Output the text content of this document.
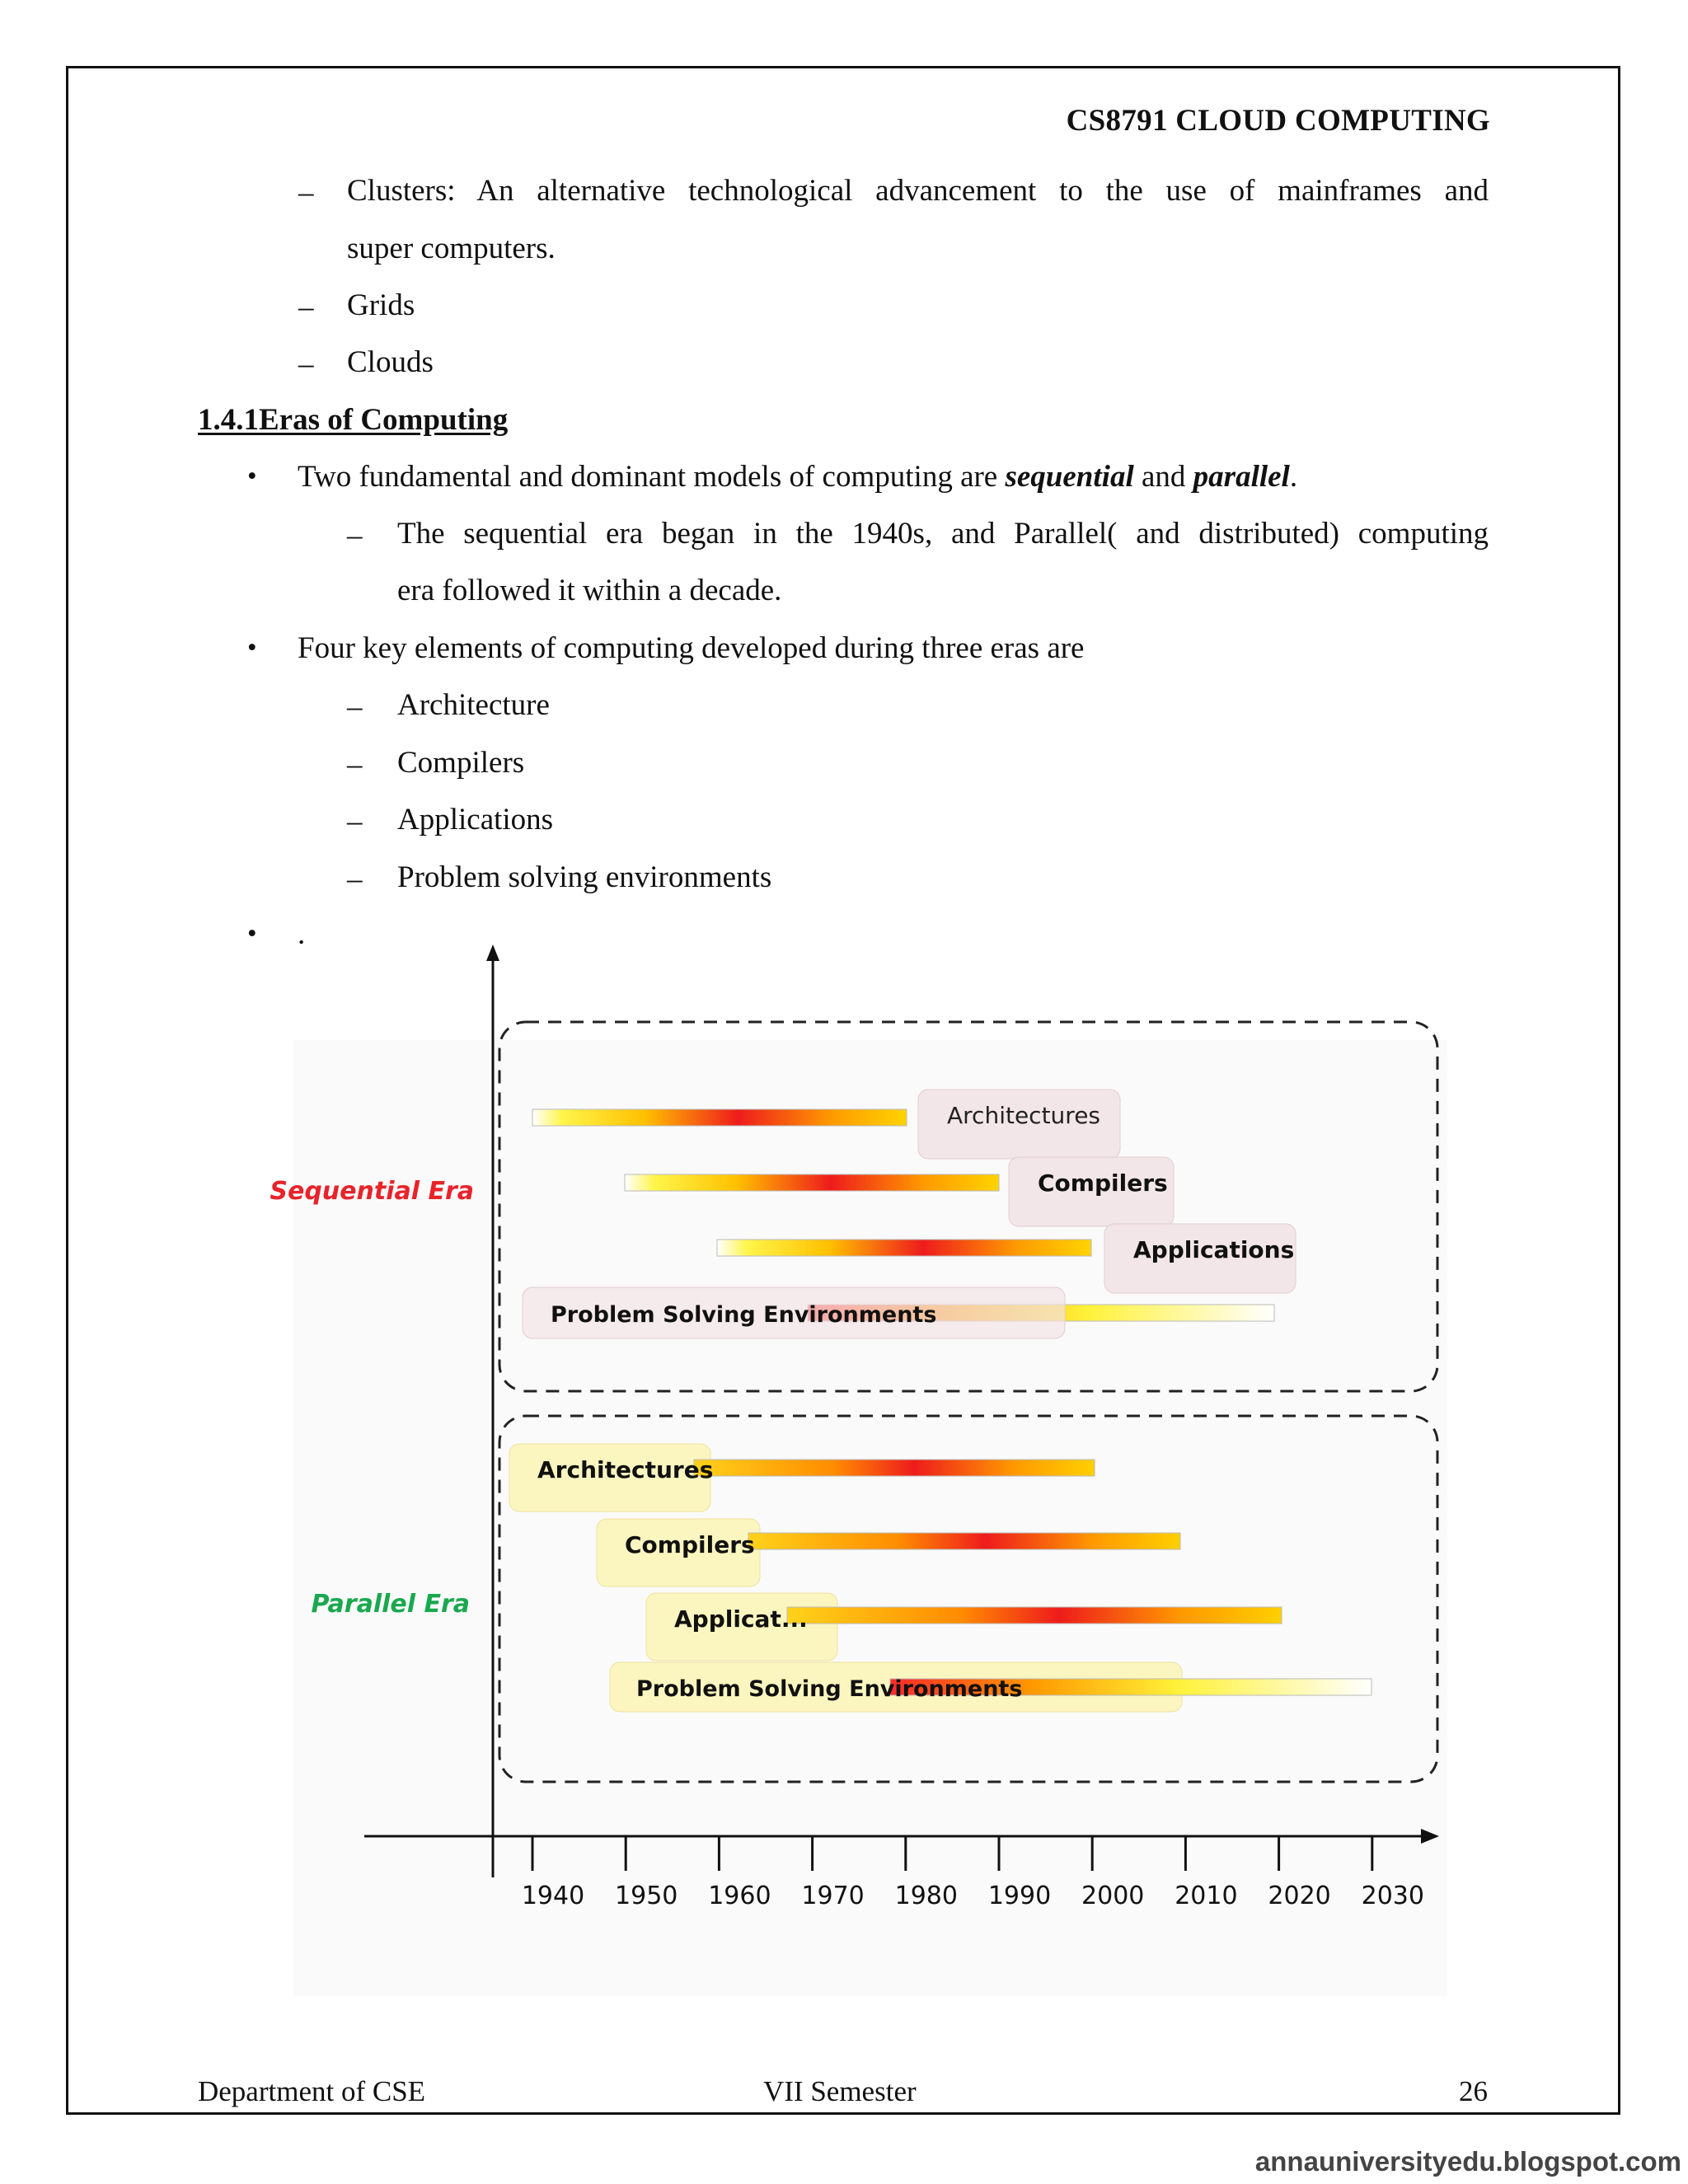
CS8791 CLOUD COMPUTING
– Clusters: An alternative technological advancement to the use of mainframes and
super computers.
– Grids
– Clouds
1.4.1Eras of Computing
• Two fundamental and dominant models of computing are sequential and parallel.
– The sequential era began in the 1940s, and Parallel( and distributed) computing
era followed it within a decade.
• Four key elements of computing developed during three eras are
– Architecture
– Compilers
– Applications
– Problem solving environments
• .
1940 1950 1960 1970 1980 1990 2000 2010 2020 2030
Sequential Era
Parallel Era
Architectures
Compilers
Applications
Problem Solving Environments
Architectures
Compilers
Applicat...
Problem Solving Environments
Department of CSE	VII Semester	26
annauniversityedu.blogspot.com
